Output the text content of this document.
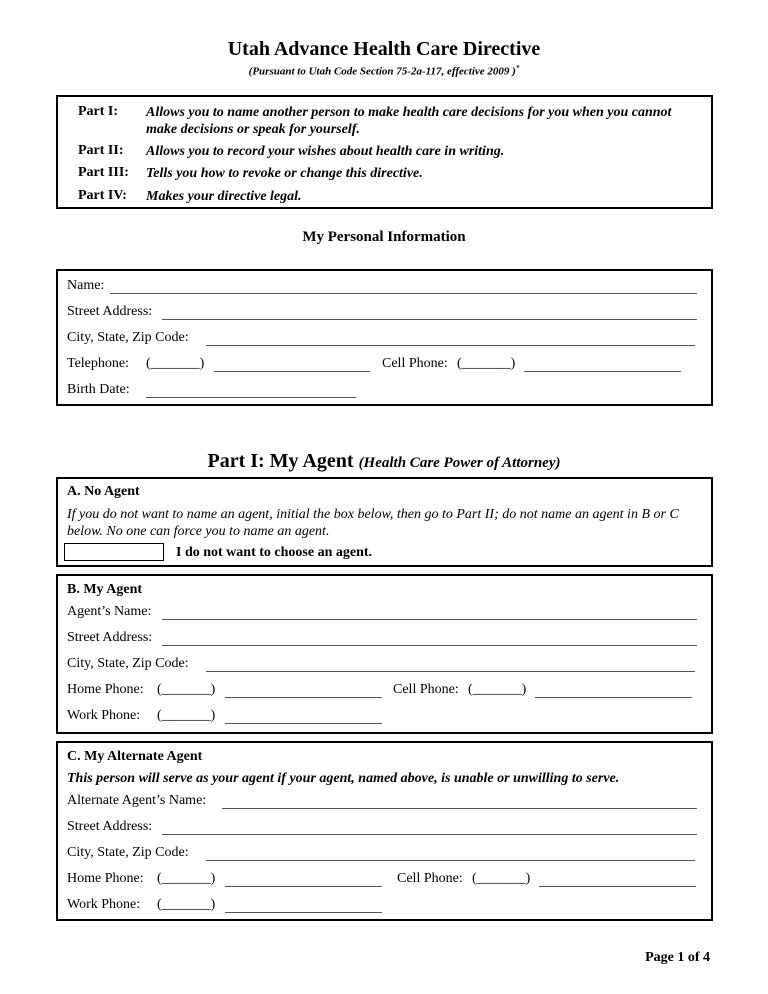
Utah Advance Health Care Directive
(Pursuant to Utah Code Section 75-2a-117, effective 2009 )*
Part I: Allows you to name another person to make health care decisions for you when you cannot make decisions or speak for yourself.
Part II: Allows you to record your wishes about health care in writing.
Part III: Tells you how to revoke or change this directive.
Part IV: Makes your directive legal.
My Personal Information
Name:
Street Address:
City, State, Zip Code:
Telephone: (_______)	Cell Phone: (_______)
Birth Date:
Part I: My Agent (Health Care Power of Attorney)
A. No Agent
If you do not want to name an agent, initial the box below, then go to Part II; do not name an agent in B or C below. No one can force you to name an agent.
I do not want to choose an agent.
B. My Agent
Agent’s Name:
Street Address:
City, State, Zip Code:
Home Phone: (_______)	Cell Phone: (_______)
Work Phone: (_______)
C. My Alternate Agent
This person will serve as your agent if your agent, named above, is unable or unwilling to serve.
Alternate Agent’s Name:
Street Address:
City, State, Zip Code:
Home Phone: (_______)	Cell Phone: (_______)
Work Phone: (_______)
Page 1 of 4
